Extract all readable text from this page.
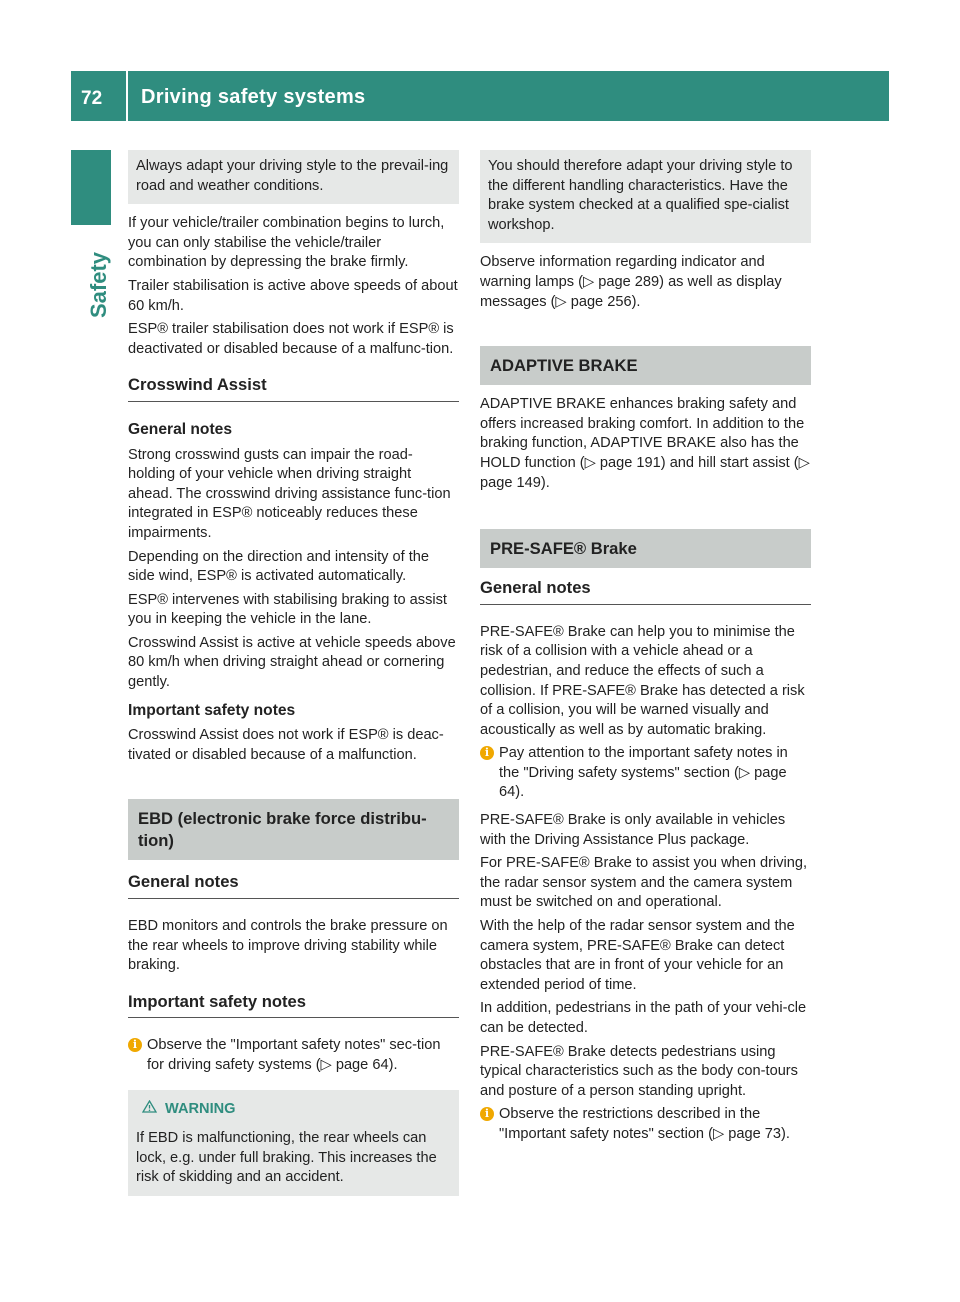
72 Driving safety systems
Safety

Always adapt your driving style to the prevail-ing road and weather conditions.

If your vehicle/trailer combination begins to lurch, you can only stabilise the vehicle/trailer combination by depressing the brake firmly.

Trailer stabilisation is active above speeds of about 60 km/h.

ESP® trailer stabilisation does not work if ESP® is deactivated or disabled because of a malfunc-tion.

Crosswind Assist
General notes

Strong crosswind gusts can impair the road-holding of your vehicle when driving straight ahead. The crosswind driving assistance func-tion integrated in ESP® noticeably reduces these impairments.

Depending on the direction and intensity of the side wind, ESP® is activated automatically.

ESP® intervenes with stabilising braking to assist you in keeping the vehicle in the lane.

Crosswind Assist is active at vehicle speeds above 80 km/h when driving straight ahead or cornering gently.

Important safety notes

Crosswind Assist does not work if ESP® is deac-tivated or disabled because of a malfunction.

EBD (electronic brake force distribu-tion)
General notes

EBD monitors and controls the brake pressure on the rear wheels to improve driving stability while braking.

Important safety notes
i Observe the "Important safety notes" sec-tion for driving safety systems (▷ page 64).
WARNING

If EBD is malfunctioning, the rear wheels can lock, e.g. under full braking. This increases the risk of skidding and an accident.

You should therefore adapt your driving style to the different handling characteristics. Have the brake system checked at a qualified spe-cialist workshop.

Observe information regarding indicator and warning lamps (▷ page 289) as well as display messages (▷ page 256).

ADAPTIVE BRAKE

ADAPTIVE BRAKE enhances braking safety and offers increased braking comfort. In addition to the braking function, ADAPTIVE BRAKE also has the HOLD function (▷ page 191) and hill start assist (▷ page 149).

PRE-SAFE® Brake
General notes

PRE-SAFE® Brake can help you to minimise the risk of a collision with a vehicle ahead or a pedestrian, and reduce the effects of such a collision. If PRE-SAFE® Brake has detected a risk of a collision, you will be warned visually and acoustically as well as by automatic braking.

i Pay attention to the important safety notes in the "Driving safety systems" section (▷ page 64).

PRE-SAFE® Brake is only available in vehicles with the Driving Assistance Plus package.

For PRE-SAFE® Brake to assist you when driving, the radar sensor system and the camera system must be switched on and operational.

With the help of the radar sensor system and the camera system, PRE-SAFE® Brake can detect obstacles that are in front of your vehicle for an extended period of time.

In addition, pedestrians in the path of your vehi-cle can be detected.

PRE-SAFE® Brake detects pedestrians using typical characteristics such as the body con-tours and posture of a person standing upright.

i Observe the restrictions described in the "Important safety notes" section (▷ page 73).
